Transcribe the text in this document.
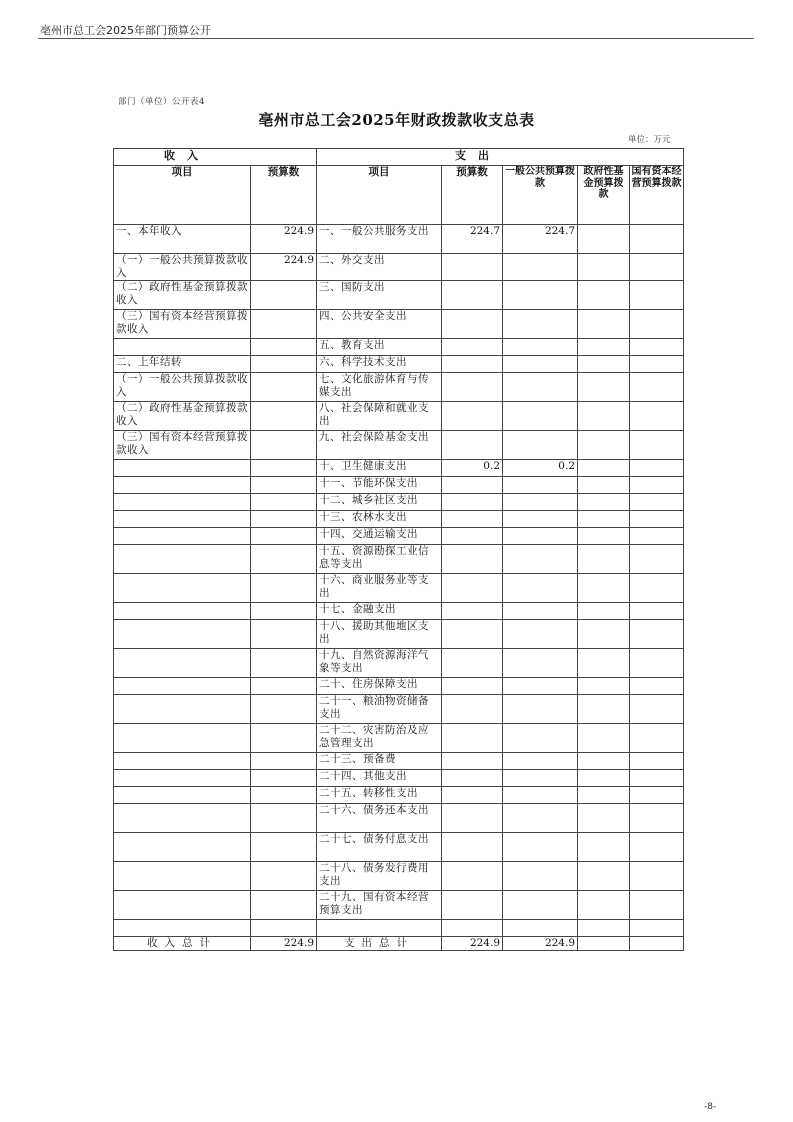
亳州市总工会2025年部门预算公开
部门（单位）公开表4
亳州市总工会2025年财政拨款收支总表
单位：万元
收　入		支　出				
项目	预算数	项目	预算数	一般公共预算拨款	政府性基金预算拨款	国有资本经营预算拨款
一、本年收入	224.9	一、一般公共服务支出	224.7	224.7		
（一）一般公共预算拨款收入	224.9	二、外交支出				
（二）政府性基金预算拨款收入		三、国防支出				
（三）国有资本经营预算拨款收入		四、公共安全支出				
		五、教育支出				
二、上年结转		六、科学技术支出				
（一）一般公共预算拨款收入		七、文化旅游体育与传媒支出				
（二）政府性基金预算拨款收入		八、社会保障和就业支出				
（三）国有资本经营预算拨款收入		九、社会保险基金支出				
		十、卫生健康支出	0.2	0.2		
		十一、节能环保支出				
		十二、城乡社区支出				
		十三、农林水支出				
		十四、交通运输支出				
		十五、资源勘探工业信息等支出				
		十六、商业服务业等支出				
		十七、金融支出				
		十八、援助其他地区支出				
		十九、自然资源海洋气象等支出				
		二十、住房保障支出				
		二十一、粮油物资储备支出				
		二十二、灾害防治及应急管理支出				
		二十三、预备费				
		二十四、其他支出				
		二十五、转移性支出				
		二十六、债务还本支出				
		二十七、债务付息支出				
		二十八、债务发行费用支出				
		二十九、国有资本经营预算支出				

收入总计	224.9	支出总计	224.9	224.9		
-8-
